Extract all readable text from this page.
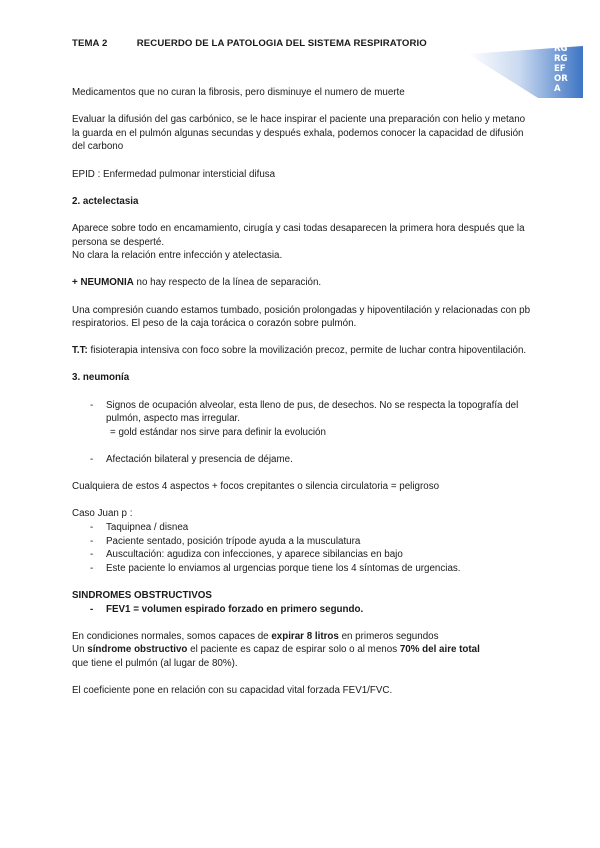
TEMA 2	RECUERDO DE LA PATOLOGIA DEL SISTEMA RESPIRATORIO	RG
RG
EF
OR
A

Medicamentos que no curan la fibrosis, pero disminuye el numero de muerte

Evaluar la difusión del gas carbónico, se le hace inspirar el paciente una preparación con helio y metano la guarda en el pulmón algunas secundas y después exhala, podemos conocer la capacidad de difusión del carbono

EPID : Enfermedad pulmonar intersticial difusa

2. actelectasia

Aparece sobre todo en encamamiento, cirugía y casi todas desaparecen la primera hora después que la persona se desperté.
No clara la relación entre infección y atelectasia.

+ NEUMONIA no hay respecto de la línea de separación.

Una compresión cuando estamos tumbado, posición prolongadas y hipoventilación y relacionadas con pb respiratorios. El peso de la caja torácica o corazón sobre pulmón.

T.T: fisioterapia intensiva con foco sobre la movilización precoz, permite de luchar contra hipoventilación.

3. neumonía

- Signos de ocupación alveolar, esta lleno de pus, de desechos. No se respecta la topografía del pulmón, aspecto mas irregular.
= gold estándar nos sirve para definir la evolución
- Afectación bilateral y presencia de déjame.

Cualquiera de estos 4 aspectos + focos crepitantes o silencia circulatoria = peligroso

Caso Juan p :
- Taquipnea / disnea
- Paciente sentado, posición trípode ayuda a la musculatura
- Auscultación: agudiza con infecciones, y aparece sibilancias en bajo
- Este paciente lo enviamos al urgencias porque tiene los 4 síntomas de urgencias.
SINDROMES OBSTRUCTIVOS
- FEV1 = volumen espirado forzado en primero segundo.

En condiciones normales, somos capaces de expirar 8 litros en primeros segundos
Un síndrome obstructivo el paciente es capaz de espirar solo o al menos 70% del aire total
que tiene el pulmón (al lugar de 80%).

El coeficiente pone en relación con su capacidad vital forzada FEV1/FVC.
